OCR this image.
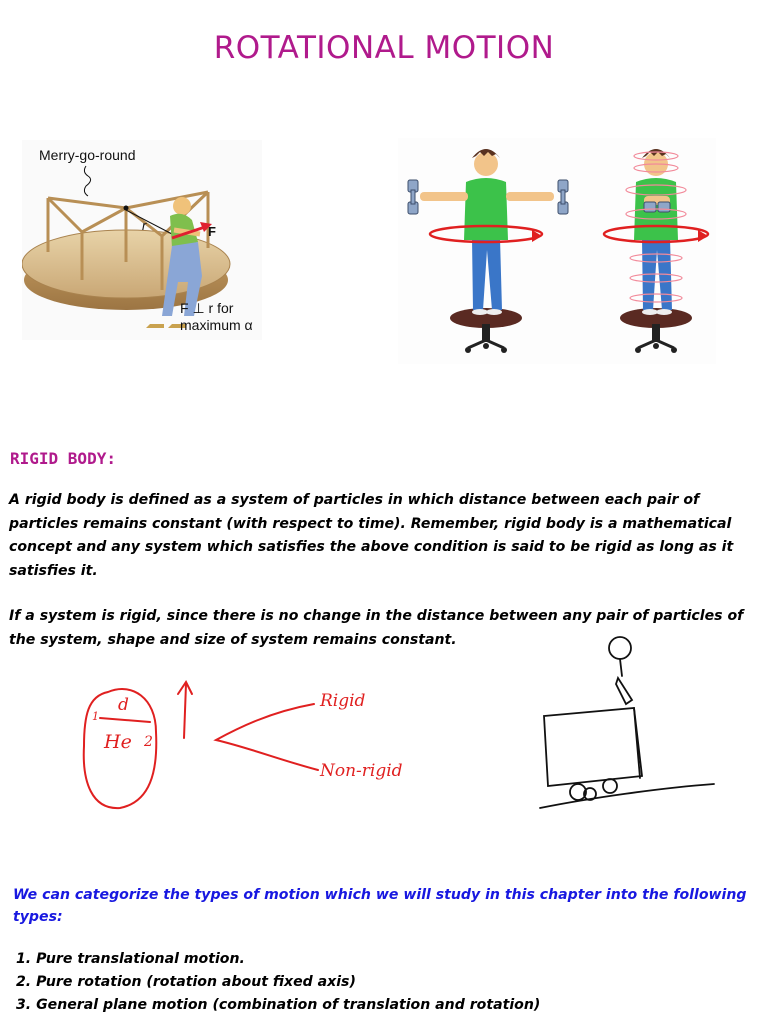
ROTATIONAL MOTION
r	F
Merry-go-round
F ⊥ r for
maximum α
RIGID BODY:

A rigid body is defined as a system of particles in which distance between each pair of particles remains constant (with respect to time). Remember, rigid body is a mathematical concept and any system which satisfies the above condition is said to be rigid as long as it satisfies it.

If a system is rigid, since there is no change in the distance between any pair of particles of the system, shape and size of system remains constant.

d
1
2
He
Rigid
Non-rigid

We can categorize the types of motion which we will study in this chapter into the following types:

1. Pure translational motion.
2. Pure rotation (rotation about fixed axis)
3. General plane motion (combination of translation and rotation)
